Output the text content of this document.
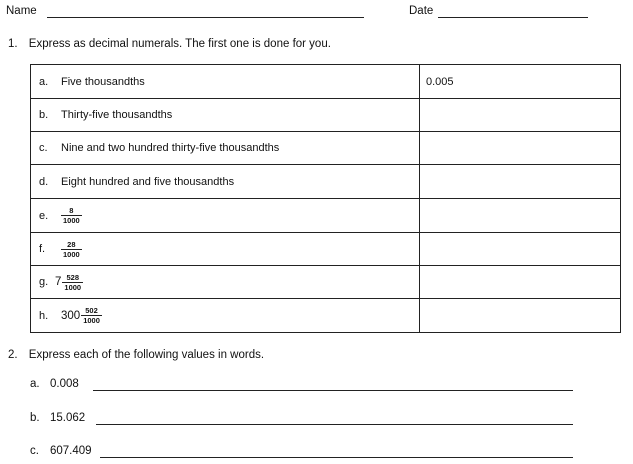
Name	Date
1. Express as decimal numerals. The first one is done for you.
a. Five thousandths	0.005
b. Thirty-five thousandths	
c. Nine and two hundred thirty-five thousandths	
d. Eight hundred and five thousandths	
e. $\frac{8}{1000}$

f. $\frac{28}{1000}$

g. $7 \frac{528}{1000}$

h. $300 \frac{502}{1000}$

2. Express each of the following values in words.
a. 0.008
b. 15.062
c. 607.409
